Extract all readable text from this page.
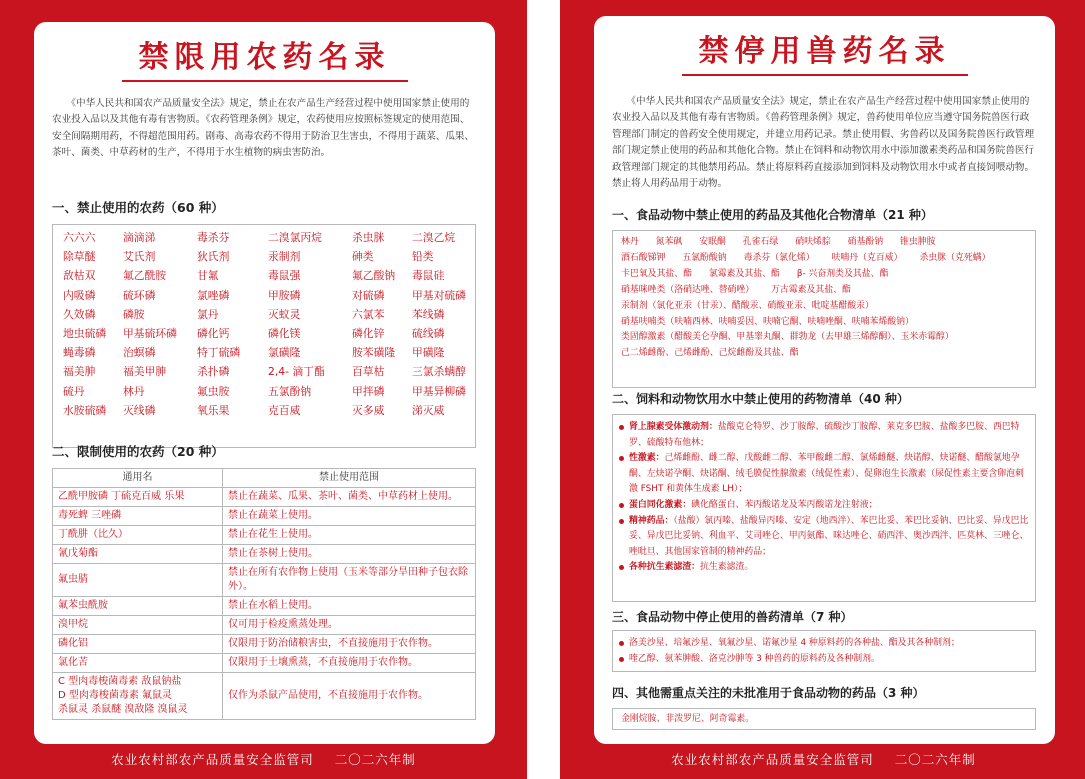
禁限用农药名录
《中华人民共和国农产品质量安全法》规定，禁止在农产品生产经营过程中使用国家禁止使用的农业投入品以及其他有毒有害物质。《农药管理条例》规定，农药使用应按照标签规定的使用范围、安全间隔期用药，不得超范围用药。剧毒、高毒农药不得用于防治卫生害虫，不得用于蔬菜、瓜果、茶叶、菌类、中草药材的生产，不得用于水生植物的病虫害防治。
一、禁止使用的农药（60 种）
六六六	滴滴涕	毒杀芬	二溴氯丙烷	杀虫脒	二溴乙烷
除草醚	艾氏剂	狄氏剂	汞制剂	砷类	铅类
敌枯双	氟乙酰胺	甘氟	毒鼠强	氟乙酸钠	毒鼠硅
内吸磷	硫环磷	氯唑磷	甲胺磷	对硫磷	甲基对硫磷
久效磷	磷胺	氯丹	灭蚁灵	六氯苯	苯线磷
地虫硫磷	甲基硫环磷	磷化钙	磷化镁	磷化锌	硫线磷
蝇毒磷	治螟磷	特丁硫磷	氯磺隆	胺苯磺隆	甲磺隆
福美胂	福美甲胂	杀扑磷	2,4- 滴丁酯	百草枯	三氯杀螨醇
硫丹	林丹	氟虫胺	五氯酚钠	甲拌磷	甲基异柳磷
水胺硫磷	灭线磷	氧乐果	克百威	灭多威	涕灭威
二、限制使用的农药（20 种）
通用名	禁止使用范围
乙酰甲胺磷 丁硫克百威 乐果	禁止在蔬菜、瓜果、茶叶、菌类、中草药材上使用。
毒死蜱 三唑磷	禁止在蔬菜上使用。
丁酰肼（比久）	禁止在花生上使用。
氰戊菊酯	禁止在茶树上使用。
氟虫腈	禁止在所有农作物上使用（玉米等部分旱田种子包衣除外）。
氟苯虫酰胺	禁止在水稻上使用。
溴甲烷	仅可用于检疫熏蒸处理。
磷化铝	仅限用于防治储粮害虫，不直接施用于农作物。
氯化苦	仅限用于土壤熏蒸，不直接施用于农作物。
C 型肉毒梭菌毒素 敌鼠钠盐
D 型肉毒梭菌毒素 氟鼠灵
杀鼠灵 杀鼠醚 溴敌隆 溴鼠灵	仅作为杀鼠产品使用，不直接施用于农作物。
农业农村部农产品质量安全监管司 二〇二六年制
禁停用兽药名录
《中华人民共和国农产品质量安全法》规定，禁止在农产品生产经营过程中使用国家禁止使用的农业投入品以及其他有毒有害物质。《兽药管理条例》规定，兽药使用单位应当遵守国务院兽医行政管理部门制定的兽药安全使用规定，并建立用药记录。禁止使用假、劣兽药以及国务院兽医行政管理部门规定禁止使用的药品和其他化合物。禁止在饲料和动物饮用水中添加激素类药品和国务院兽医行政管理部门规定的其他禁用药品。禁止将原料药直接添加到饲料及动物饮用水中或者直接饲喂动物。禁止将人用药品用于动物。
一、食品动物中禁止使用的药品及其他化合物清单（21 种）
林丹      氮苯砜      安眠酮      孔雀石绿      硝呋烯腙      硝基酚钠      锥虫胂胺
酒石酸锑钾      五氯酚酸钠      毒杀芬（氯化烯）      呋喃丹（克百威）      杀虫脒（克死螨）
卡巴氧及其盐、酯      氯霉素及其盐、酯      β- 兴奋剂类及其盐、酯
硝基咪唑类（洛硝达唑、替硝唑）      万古霉素及其盐、酯
汞制剂（氯化亚汞（甘汞）、醋酸汞、硝酸亚汞、吡啶基醋酸汞）
硝基呋喃类（呋喃西林、呋喃妥因、呋喃它酮、呋喃唑酮、呋喃苯烯酸钠）
类固醇激素（醋酸美仑孕酮、甲基睾丸酮、群勃龙（去甲雄三烯醇酮）、玉米赤霉醇）
己二烯雌酚、己烯雌酚、己烷雌酚及其盐、酯
二、饲料和动物饮用水中禁止使用的药物清单（40 种）
肾上腺素受体激动剂：盐酸克仑特罗、沙丁胺醇、硫酸沙丁胺醇、莱克多巴胺、盐酸多巴胺、西巴特罗、硫酸特布他林；
性激素：己烯雌酚、雌二醇、戊酸雌二醇、苯甲酸雌二醇、氯烯雌醚、炔诺醇、炔诺醚、醋酸氯地孕酮、左炔诺孕酮、炔诺酮、绒毛膜促性腺激素（绒促性素）、促卵泡生长激素（尿促性素主要含卵泡刺激 FSHT 和黄体生成素 LH）；
蛋白同化激素：碘化酪蛋白、苯丙酸诺龙及苯丙酸诺龙注射液；
精神药品：（盐酸）氯丙嗪、盐酸异丙嗪、安定（地西泮）、苯巴比妥、苯巴比妥钠、巴比妥、异戊巴比妥、异戊巴比妥钠、利血平、艾司唑仑、甲丙氨酯、咪达唑仑、硝西泮、奥沙西泮、匹莫林、三唑仑、唑吡旦、其他国家管制的精神药品；
各种抗生素滤渣：抗生素滤渣。
三、食品动物中停止使用的兽药清单（7 种）
洛美沙星、培氟沙星、氧氟沙星、诺氟沙星 4 种原料药的各种盐、酯及其各种制剂；
喹乙醇、氨苯胂酸、洛克沙胂等 3 种兽药的原料药及各种制剂。
四、其他需重点关注的未批准用于食品动物的药品（3 种）
金刚烷胺、非泼罗尼、阿奇霉素。
农业农村部农产品质量安全监管司 二〇二六年制
